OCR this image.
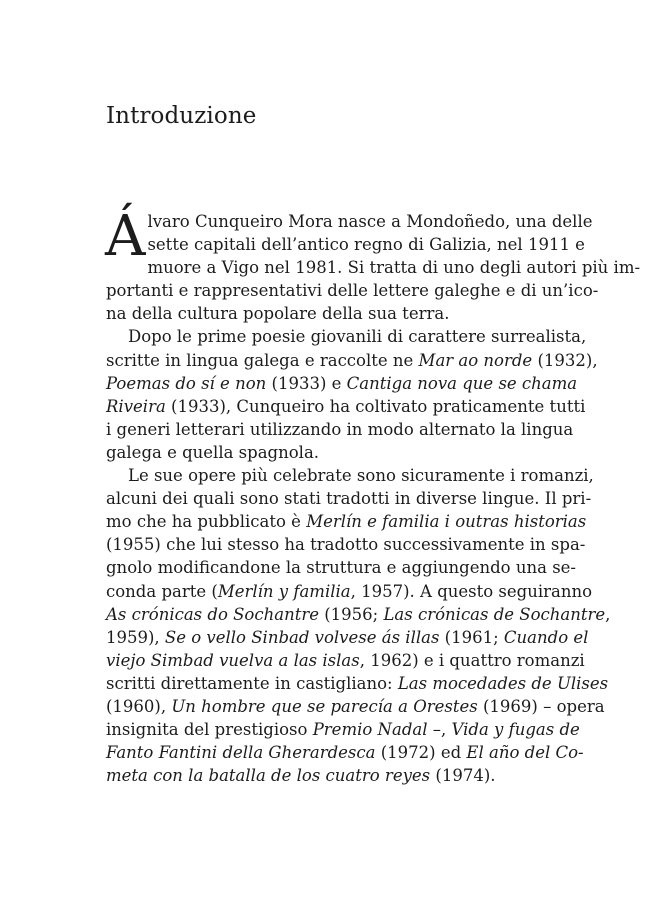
Introduzione
Á lvaro Cunqueiro Mora nasce a Mondoñedo, una delle
sette capitali dell’antico regno di Galizia, nel 1911 e
muore a Vigo nel 1981. Si tratta di uno degli autori più im-
portanti e rappresentativi delle lettere galeghe e di un’ico-
na della cultura popolare della sua terra.
Dopo le prime poesie giovanili di carattere surrealista,
scritte in lingua galega e raccolte ne Mar ao norde (1932),
Poemas do sí e non (1933) e Cantiga nova que se chama
Riveira (1933), Cunqueiro ha coltivato praticamente tutti
i generi letterari utilizzando in modo alternato la lingua
galega e quella spagnola.
Le sue opere più celebrate sono sicuramente i romanzi,
alcuni dei quali sono stati tradotti in diverse lingue. Il pri-
mo che ha pubblicato è Merlín e familia i outras historias
(1955) che lui stesso ha tradotto successivamente in spa-
gnolo modificandone la struttura e aggiungendo una se-
conda parte (Merlín y familia, 1957). A questo seguiranno
As crónicas do Sochantre (1956; Las crónicas de Sochantre,
1959), Se o vello Sinbad volvese ás illas (1961; Cuando el
viejo Simbad vuelva a las islas, 1962) e i quattro romanzi
scritti direttamente in castigliano: Las mocedades de Ulises
(1960), Un hombre que se parecía a Orestes (1969) – opera
insignita del prestigioso Premio Nadal –, Vida y fugas de
Fanto Fantini della Gherardesca (1972) ed El año del Co-
meta con la batalla de los cuatro reyes (1974).
